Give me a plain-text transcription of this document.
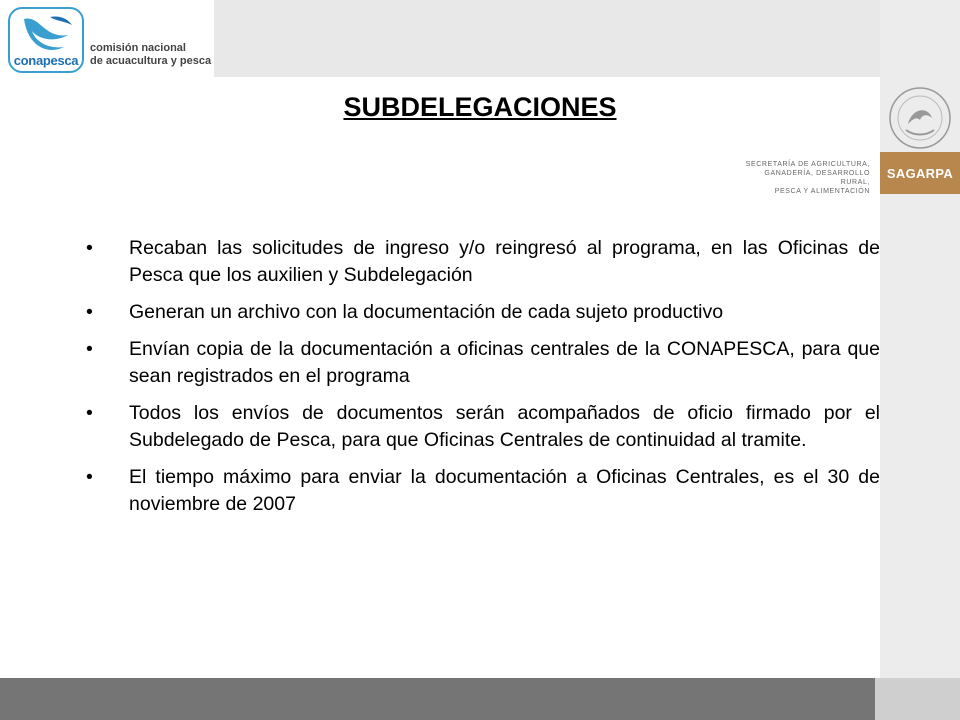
conapesca
comisión nacional
de acuacultura y pesca
SECRETARÍA DE AGRICULTURA,
GANADERÍA, DESARROLLO RURAL,
PESCA Y ALIMENTACIÓN
SAGARPA
SUBDELEGACIONES
• Recaban las solicitudes de ingreso y/o reingresó al programa, en las Oficinas de Pesca que los auxilien y Subdelegación
• Generan un archivo con la documentación de cada sujeto productivo
• Envían copia de la documentación a oficinas centrales de la CONAPESCA, para que sean registrados en el programa
• Todos los envíos de documentos serán acompañados de oficio firmado por el Subdelegado de Pesca, para que Oficinas Centrales de continuidad al tramite.
• El tiempo máximo para enviar la documentación a Oficinas Centrales, es el 30 de noviembre de 2007
